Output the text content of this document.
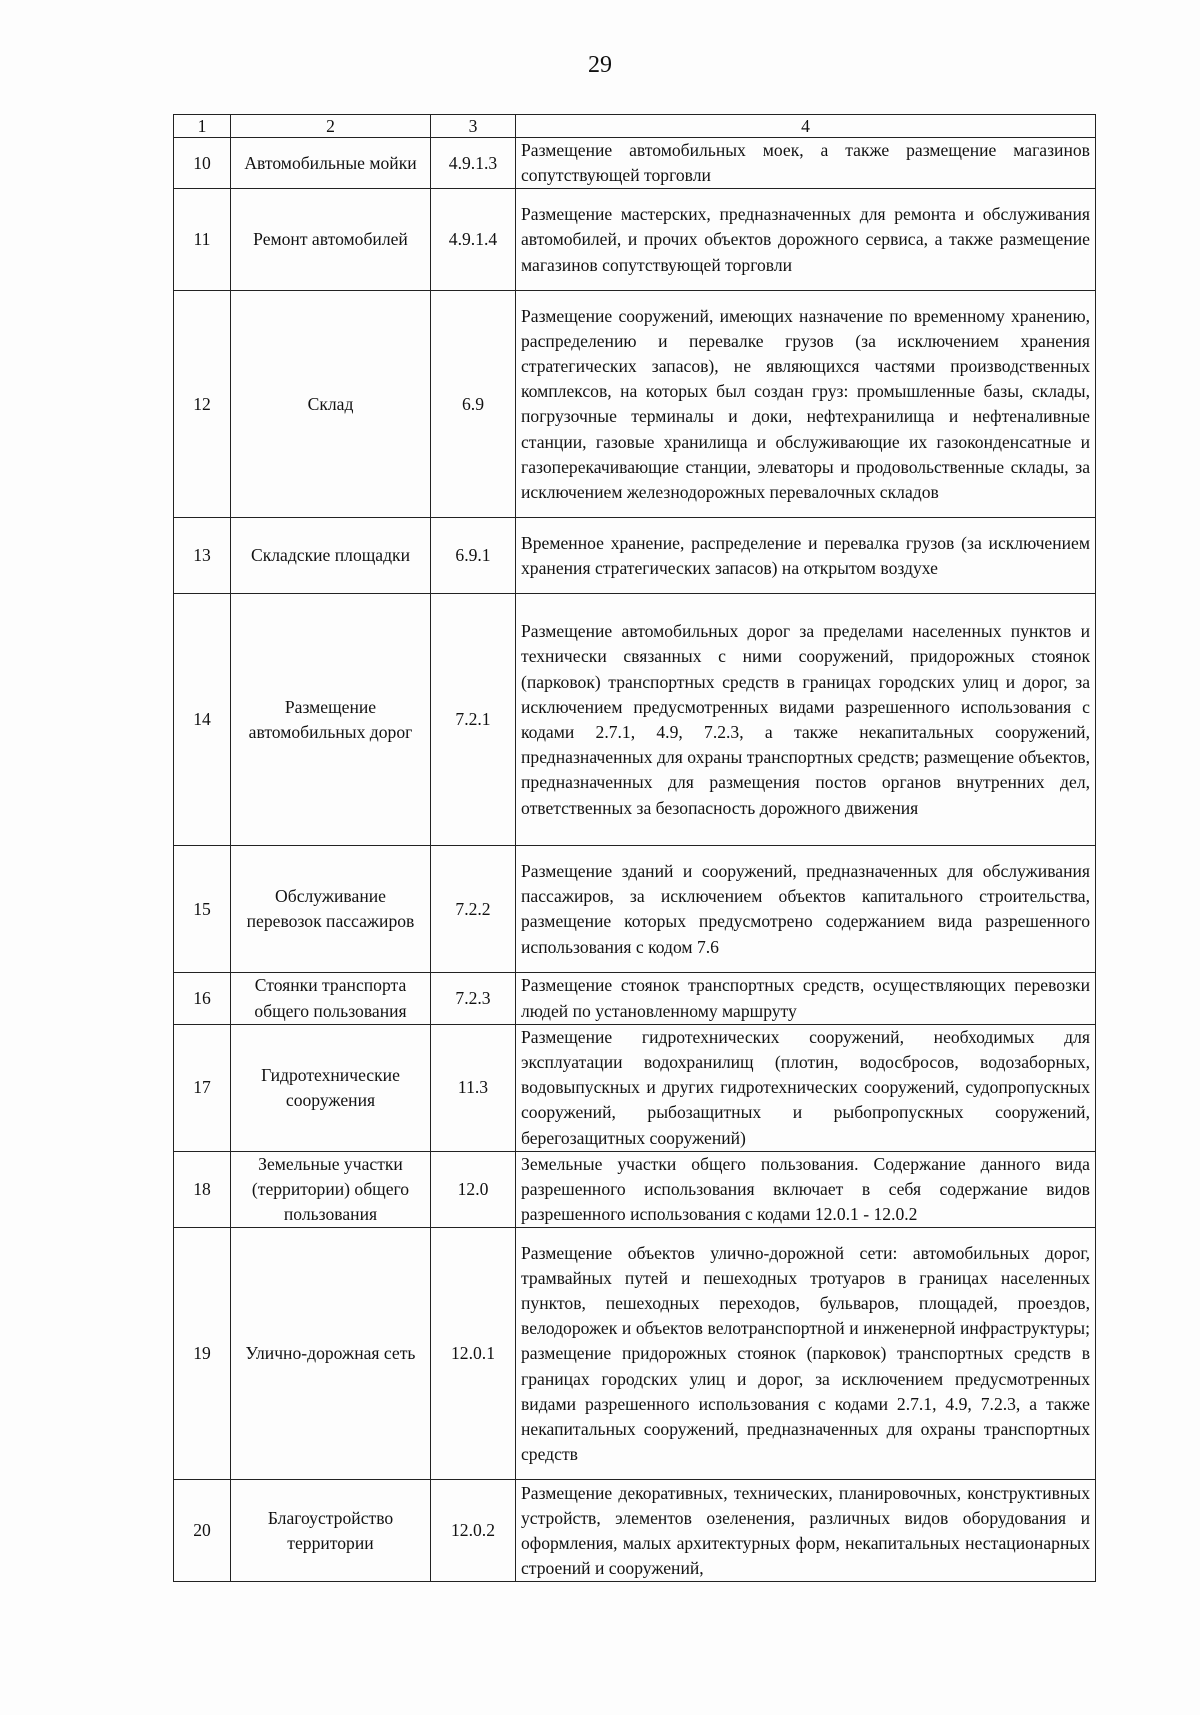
29
1	2	3	4
10	Автомобильные мойки	4.9.1.3	Размещение автомобильных моек, а также размещение магазинов сопутствующей торговли
11	Ремонт автомобилей	4.9.1.4	Размещение мастерских, предназначенных для ремонта и обслуживания автомобилей, и прочих объектов дорожного сервиса, а также размещение магазинов сопутствующей торговли
12	Склад	6.9	Размещение сооружений, имеющих назначение по временному хранению, распределению и перевалке грузов (за исключением хранения стратегических запасов), не являющихся частями производственных комплексов, на которых был создан груз: промышленные базы, склады, погрузочные терминалы и доки, нефтехранилища и нефтеналивные станции, газовые хранилища и обслуживающие их газоконденсатные и газоперекачивающие станции, элеваторы и продовольственные склады, за исключением железнодорожных перевалочных складов
13	Складские площадки	6.9.1	Временное хранение, распределение и перевалка грузов (за исключением хранения стратегических запасов) на открытом воздухе
14	Размещение автомобильных дорог	7.2.1	Размещение автомобильных дорог за пределами населенных пунктов и технически связанных с ними сооружений, придорожных стоянок (парковок) транспортных средств в границах городских улиц и дорог, за исключением предусмотренных видами разрешенного использования с кодами 2.7.1, 4.9, 7.2.3, а также некапитальных сооружений, предназначенных для охраны транспортных средств; размещение объектов, предназначенных для размещения постов органов внутренних дел, ответственных за безопасность дорожного движения
15	Обслуживание перевозок пассажиров	7.2.2	Размещение зданий и сооружений, предназначенных для обслуживания пассажиров, за исключением объектов капитального строительства, размещение которых предусмотрено содержанием вида разрешенного использования с кодом 7.6
16	Стоянки транспорта общего пользования	7.2.3	Размещение стоянок транспортных средств, осуществляющих перевозки людей по установленному маршруту
17	Гидротехнические сооружения	11.3	Размещение гидротехнических сооружений, необходимых для эксплуатации водохранилищ (плотин, водосбросов, водозаборных, водовыпускных и других гидротехнических сооружений, судопропускных сооружений, рыбозащитных и рыбопропускных сооружений, берегозащитных сооружений)
18	Земельные участки (территории) общего пользования	12.0	Земельные участки общего пользования. Содержание данного вида разрешенного использования включает в себя содержание видов разрешенного использования с кодами 12.0.1 - 12.0.2
19	Улично-дорожная сеть	12.0.1	Размещение объектов улично-дорожной сети: автомобильных дорог, трамвайных путей и пешеходных тротуаров в границах населенных пунктов, пешеходных переходов, бульваров, площадей, проездов, велодорожек и объектов велотранспортной и инженерной инфраструктуры; размещение придорожных стоянок (парковок) транспортных средств в границах городских улиц и дорог, за исключением предусмотренных видами разрешенного использования с кодами 2.7.1, 4.9, 7.2.3, а также некапитальных сооружений, предназначенных для охраны транспортных средств
20	Благоустройство территории	12.0.2	Размещение декоративных, технических, планировочных, конструктивных устройств, элементов озеленения, различных видов оборудования и оформления, малых архитектурных форм, некапитальных нестационарных строений и сооружений,
